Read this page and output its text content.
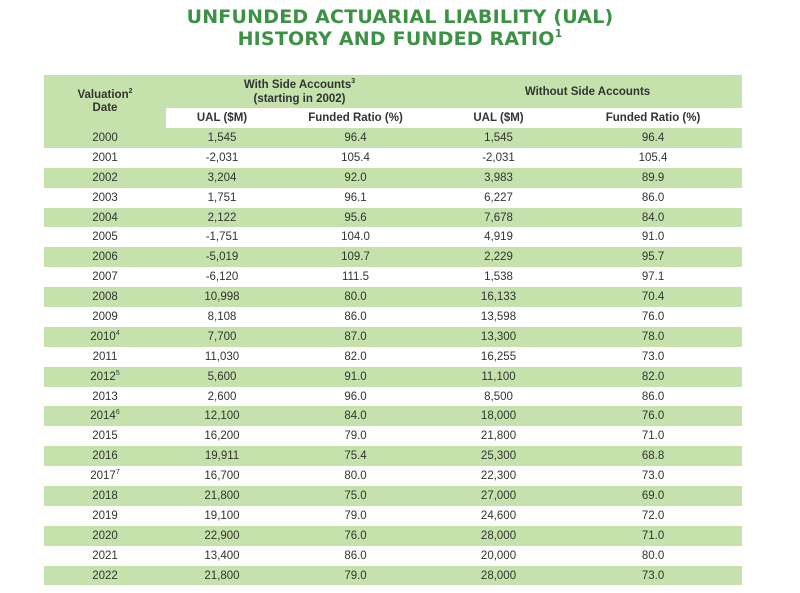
UNFUNDED ACTUARIAL LIABILITY (UAL)
HISTORY AND FUNDED RATIO$^1$
Valuation$^2$
Date	With Side Accounts$^3$
(starting in 2002)		Without Side Accounts	
	UAL ($M)	Funded Ratio (%)	UAL ($M)	Funded Ratio (%)
2000	1,545	96.4	1,545	96.4
2001	-2,031	105.4	-2,031	105.4
2002	3,204	92.0	3,983	89.9
2003	1,751	96.1	6,227	86.0
2004	2,122	95.6	7,678	84.0
2005	-1,751	104.0	4,919	91.0
2006	-5,019	109.7	2,229	95.7
2007	-6,120	111.5	1,538	97.1
2008	10,998	80.0	16,133	70.4
2009	8,108	86.0	13,598	76.0
2010$^4$	7,700	87.0	13,300	78.0
2011	11,030	82.0	16,255	73.0
2012$^5$	5,600	91.0	11,100	82.0
2013	2,600	96.0	8,500	86.0
2014$^6$	12,100	84.0	18,000	76.0
2015	16,200	79.0	21,800	71.0
2016	19,911	75.4	25,300	68.8
2017$^7$	16,700	80.0	22,300	73.0
2018	21,800	75.0	27,000	69.0
2019	19,100	79.0	24,600	72.0
2020	22,900	76.0	28,000	71.0
2021	13,400	86.0	20,000	80.0
2022	21,800	79.0	28,000	73.0
